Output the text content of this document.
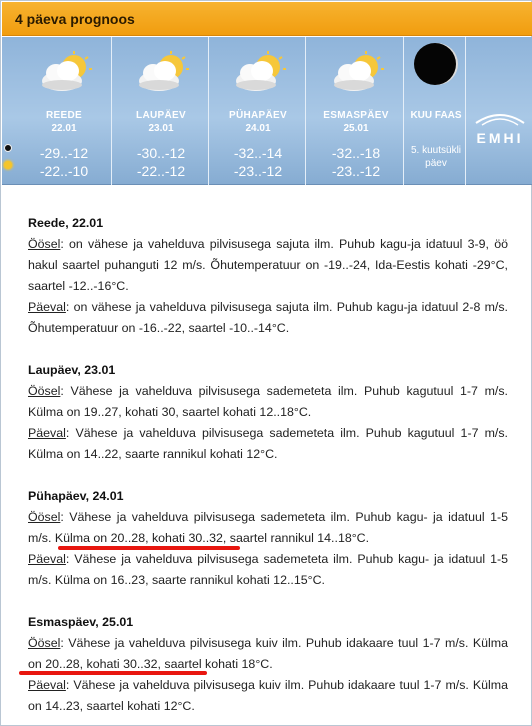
4 päeva prognoos
REEDE
22.01
-29..-12
-22..-10
LAUPÄEV
23.01
-30..-12
-22..-12
PÜHAPÄEV
24.01
-32..-14
-23..-12
ESMASPÄEV
25.01
-32..-18
-23..-12
KUU FAAS
5. kuutsükli päev
EMHI
Reede, 22.01
Öösel: on vähese ja vahelduva pilvisusega sajuta ilm. Puhub kagu-ja idatuul 3-9, öö hakul saartel puhanguti 12 m/s. Õhutemperatuur on -19..-24, Ida-Eestis kohati -29°C, saartel -12..-16°C.
Päeval: on vähese ja vahelduva pilvisusega sajuta ilm. Puhub kagu-ja idatuul 2-8 m/s. Õhutemperatuur on -16..-22, saartel -10..-14°C.
Laupäev, 23.01
Öösel: Vähese ja vahelduva pilvisusega sademeteta ilm. Puhub kagutuul 1-7 m/s. Külma on 19..27, kohati 30, saartel kohati 12..18°C.
Päeval: Vähese ja vahelduva pilvisusega sademeteta ilm. Puhub kagutuul 1-7 m/s. Külma on 14..22, saarte rannikul kohati 12°C.
Pühapäev, 24.01
Öösel: Vähese ja vahelduva pilvisusega sademeteta ilm. Puhub kagu- ja idatuul 1-5 m/s. Külma on 20..28, kohati 30..32, saartel rannikul 14..18°C.
Päeval: Vähese ja vahelduva pilvisusega sademeteta ilm. Puhub kagu- ja idatuul 1-5 m/s. Külma on 16..23, saarte rannikul kohati 12..15°C.
Esmaspäev, 25.01
Öösel: Vähese ja vahelduva pilvisusega kuiv ilm. Puhub idakaare tuul 1-7 m/s. Külma on 20..28, kohati 30..32, saartel kohati 18°C.
Päeval: Vähese ja vahelduva pilvisusega kuiv ilm. Puhub idakaare tuul 1-7 m/s. Külma on 14..23, saartel kohati 12°C.
